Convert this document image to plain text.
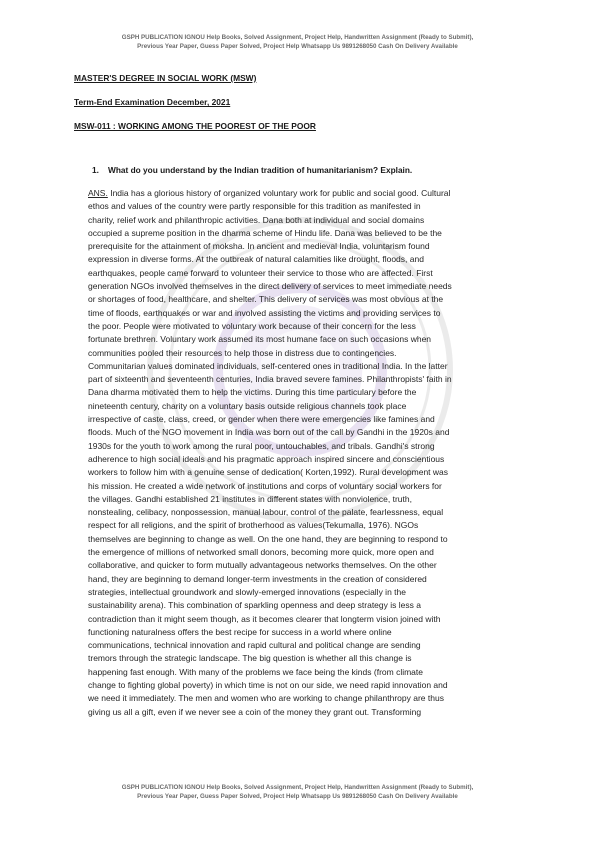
GSPH PUBLICATION IGNOU Help Books, Solved Assignment, Project Help, Handwritten Assignment (Ready to Submit),
Previous Year Paper, Guess Paper Solved, Project Help Whatsapp Us 9891268050 Cash On Delivery Available
MASTER'S DEGREE IN SOCIAL WORK (MSW)
Term-End Examination December, 2021
MSW-011 : WORKING AMONG THE POOREST OF THE POOR
1. What do you understand by the Indian tradition of humanitarianism? Explain.
ANS. India has a glorious history of organized voluntary work for public and social good. Cultural
ethos and values of the country were partly responsible for this tradition as manifested in
charity, relief work and philanthropic activities. Dana both at individual and social domains
occupied a supreme position in the dharma scheme of Hindu life. Dana was believed to be the
prerequisite for the attainment of moksha. In ancient and medieval India, voluntarism found
expression in diverse forms. At the outbreak of natural calamities like drought, floods, and
earthquakes, people came forward to volunteer their service to those who are affected. First
generation NGOs involved themselves in the direct delivery of services to meet immediate needs
or shortages of food, healthcare, and shelter. This delivery of services was most obvious at the
time of floods, earthquakes or war and involved assisting the victims and providing services to
the poor. People were motivated to voluntary work because of their concern for the less
fortunate brethren. Voluntary work assumed its most humane face on such occasions when
communities pooled their resources to help those in distress due to contingencies.
Communitarian values dominated individuals, self-centered ones in traditional India. In the latter
part of sixteenth and seventeenth centuries, India braved severe famines. Philanthropists' faith in
Dana dharma motivated them to help the victims. During this time particulary before the
nineteenth century, charity on a voluntary basis outside religious channels took place
irrespective of caste, class, creed, or gender when there were emergencies like famines and
floods. Much of the NGO movement in India was born out of the call by Gandhi in the 1920s and
1930s for the youth to work among the rural poor, untouchables, and tribals. Gandhi's strong
adherence to high social ideals and his pragmatic approach inspired sincere and conscientious
workers to follow him with a genuine sense of dedication( Korten,1992). Rural development was
his mission. He created a wide network of institutions and corps of voluntary social workers for
the villages. Gandhi established 21 institutes in different states with nonviolence, truth,
nonstealing, celibacy, nonpossession, manual labour, control of the palate, fearlessness, equal
respect for all religions, and the spirit of brotherhood as values(Tekumalla, 1976). NGOs
themselves are beginning to change as well. On the one hand, they are beginning to respond to
the emergence of millions of networked small donors, becoming more quick, more open and
collaborative, and quicker to form mutually advantageous networks themselves. On the other
hand, they are beginning to demand longer-term investments in the creation of considered
strategies, intellectual groundwork and slowly-emerged innovations (especially in the
sustainability arena). This combination of sparkling openness and deep strategy is less a
contradiction than it might seem though, as it becomes clearer that longterm vision joined with
functioning naturalness offers the best recipe for success in a world where online
communications, technical innovation and rapid cultural and political change are sending
tremors through the strategic landscape. The big question is whether all this change is
happening fast enough. With many of the problems we face being the kinds (from climate
change to fighting global poverty) in which time is not on our side, we need rapid innovation and
we need it immediately. The men and women who are working to change philanthropy are thus
giving us all a gift, even if we never see a coin of the money they grant out. Transforming
GSPH PUBLICATION IGNOU Help Books, Solved Assignment, Project Help, Handwritten Assignment (Ready to Submit),
Previous Year Paper, Guess Paper Solved, Project Help Whatsapp Us 9891268050 Cash On Delivery Available
